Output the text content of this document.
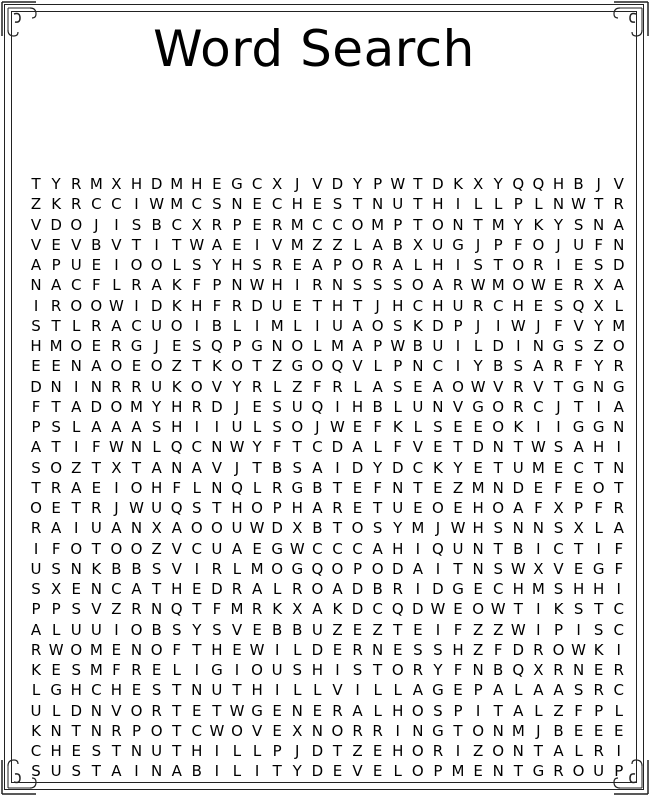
Word Search
T Y R M X H D M H E G C X J V D Y P W T D K X Y Q Q H B J V
Z K R C C I W M C S N E C H E S T N U T H I L L P L N W T R
V D O J	I S B C X R P E R M C C O M P T O N T M Y K Y S N A
V E V B V T I T W A E I V M Z Z L A B X U G J P F O J U F N
A P U E I O O L S Y H S R E A P O R A L H I S T O R I E S D
N A C F L R A K F P N W H I R N S S S O A R W M O W E R X A
I R O O W I D K H F R D U E T H T J H C H U R C H E S Q X L
S T L R A C U O I B L I M L I U A O S K D P J	I W J F V Y M
H M O E R G J E S Q P G N O L M A P W B U I L D I N G S Z O
E E N A O E O Z T K O T Z G O Q V L P N C I Y B S A R F Y R
D N I N R R U K O V Y R L Z F R L A S E A O W V R V T G N G
F T A D O M Y H R D J E S U Q I H B L U N V G O R C J T I A
P S L A A A S H I	I U L S O J W E F K L S E E O K I	I G G N
A T I F W N L Q C N W Y F T C D A L F V E T D N T W S A H I
S O Z T X T A N A V J T B S A I D Y D C K Y E T U M E C T N
T R A E I O H F L N Q L R G B T E F N T E Z M N D E F E O T
O E T R J W U Q S T H O P H A R E T U E O E H O A F X P F R
R A I U A N X A O O U W D X B T O S Y M J W H S N N S X L A
I F O T O O Z V C U A E G W C C C A H I Q U N T B I C T I F
U S N K B B S V I R L M O G Q O P O D A I T N S W X V E G F
S X E N C A T H E D R A L R O A D B R I D G E C H M S H H I
P P S V Z R N Q T F M R K X A K D C Q D W E O W T I K S T C
A L U U I O B S Y S V E B B U Z E Z T E I F Z Z W I P I S C
R W O M E N O F T H E W I L D E R N E S S H Z F D R O W K I
K E S M F R E L I G I O U S H I S T O R Y F N B Q X R N E R
L G H C H E S T N U T H I L L V I L L A G E P A L A A S R C
U L D N V O R T E T W G E N E R A L H O S P I T A L Z F P L
K N T N R P O T C W O V E X N O R R I N G T O N M J B E E E
C H E S T N U T H I L L P J D T Z E H O R I Z O N T A L R I
S U S T A I N A B I L I T Y D E V E L O P M E N T G R O U P
